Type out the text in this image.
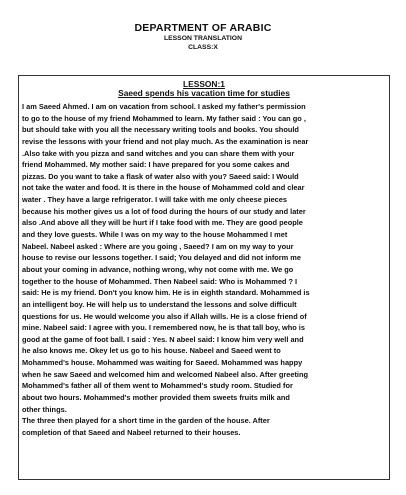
DEPARTMENT OF ARABIC
LESSON TRANSLATION
CLASS:X
LESSON:1
Saeed spends his vacation time for studies
I am Saeed Ahmed. I am on vacation from school. I asked my father's permission
to go to the house of my friend Mohammed to learn. My father said : You can go ,
but should take with you all the necessary writing tools and books. You should
revise the lessons with your friend and not play much. As the examination is near
.Also take with you pizza and sand witches and you can share them with your
friend Mohammed. My mother said: I have prepared for you some cakes and
pizzas. Do you want to take a flask of water also with you? Saeed said: I Would
not take the water and food. It is there in the house of Mohammed cold and clear
water . They have a large refrigerator. I will take with me only cheese pieces
because his mother gives us a lot of food during the hours of our study and later
also .And above all they will be hurt if I take food with me. They are good people
and they love guests. While I was on my way to the house Mohammed I met
Nabeel. Nabeel asked : Where are you going , Saeed? I am on my way to your
house to revise our lessons together. I said; You delayed and did not inform me
about your coming in advance, nothing wrong, why not come with me. We go
together to the house of Mohammed. Then Nabeel said: Who is Mohammed ? I
said: He is my friend. Don't you know him. He is in eighth standard. Mohammed is
an intelligent boy. He will help us to understand the lessons and solve difficult
questions for us. He would welcome you also if Allah wills. He is a close friend of
mine. Nabeel said: I agree with you. I remembered now, he is that tall boy, who is
good at the game of foot ball. I said : Yes. N abeel said: I know him very well and
he also knows me. Okey let us go to his house. Nabeel and Saeed went to
Mohammed's house. Mohammed was waiting for Saeed. Mohammed was happy
when he saw Saeed and welcomed him and welcomed Nabeel also. After greeting
Mohammed's father all of them went to Mohammed's study room. Studied for
about two hours. Mohammed's mother provided them sweets fruits milk and
other things.
The three then played for a short time in the garden of the house. After
completion of that Saeed and Nabeel returned to their houses.
